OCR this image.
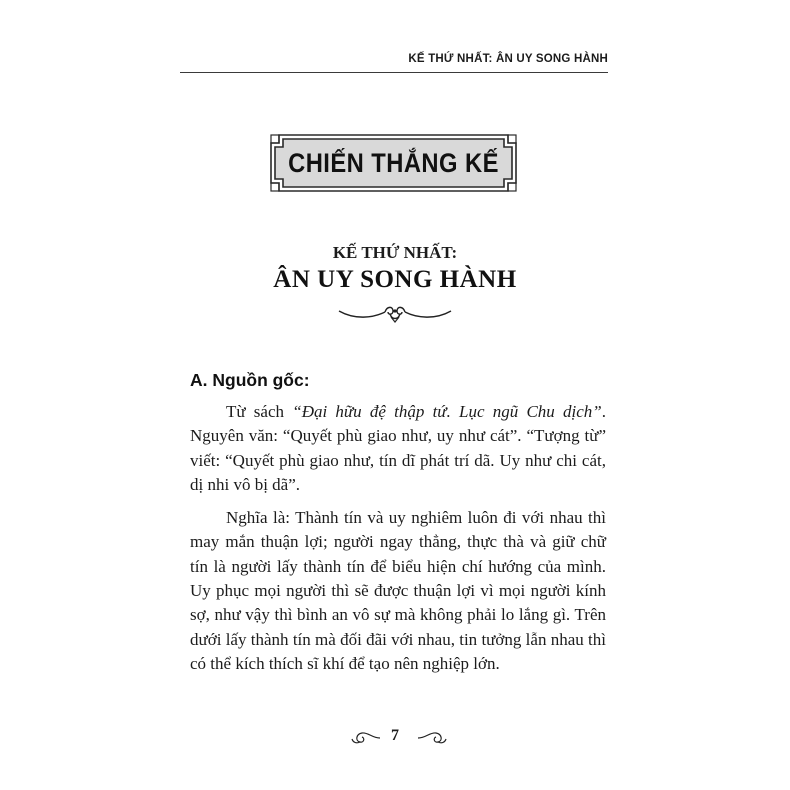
KẾ THỨ NHẤT: ÂN UY SONG HÀNH
CHIẾN THẮNG KẾ
KẾ THỨ NHẤT:
ÂN UY SONG HÀNH
A. Nguồn gốc:

Từ sách “Đại hữu đệ thập tứ. Lục ngũ Chu dịch”. Nguyên văn: “Quyết phù giao như, uy như cát”. “Tượng từ” viết: “Quyết phù giao như, tín dĩ phát trí dã. Uy như chi cát, dị nhi vô bị dã”.

Nghĩa là: Thành tín và uy nghiêm luôn đi với nhau thì may mắn thuận lợi; người ngay thẳng, thực thà và giữ chữ tín là người lấy thành tín để biểu hiện chí hướng của mình. Uy phục mọi người thì sẽ được thuận lợi vì mọi người kính sợ, như vậy thì bình an vô sự mà không phải lo lắng gì. Trên dưới lấy thành tín mà đối đãi với nhau, tin tưởng lẫn nhau thì có thể kích thích sĩ khí để tạo nên nghiệp lớn.

7
